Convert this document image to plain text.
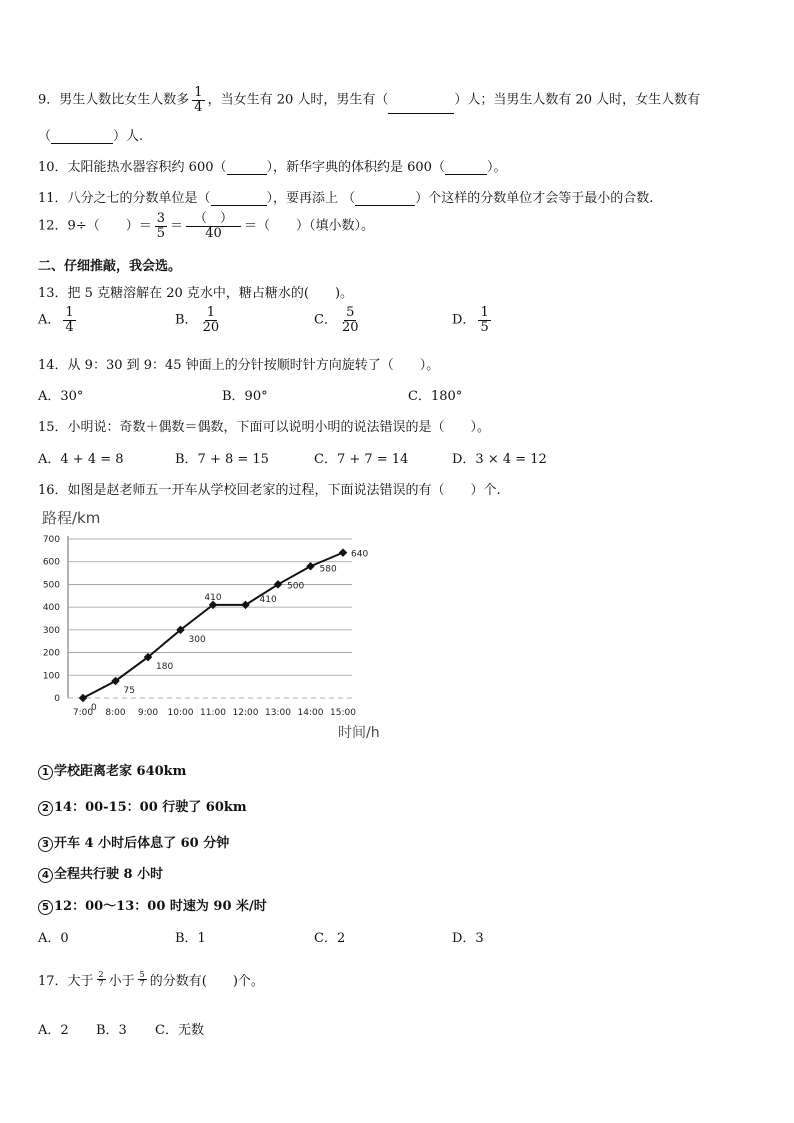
9．男生人数比女生人数多 $\frac{1}{4}$ ，当女生有 20 人时，男生有（	）人；当男生人数有 20 人时，女生人数有
（	）人.
10．太阳能热水器容积约 600（	），新华字典的体积约是 600（	）。
11．八分之七的分数单位是（	），要再添上 （	）个这样的分数单位才会等于最小的合数.
12．9÷（　　）＝ $\frac{3}{5} = \frac{( )}{40}$ ＝（　　）（填小数）。
二、仔细推敲，我会选。
13．把 5 克糖溶解在 20 克水中，糖占糖水的(　　)。
A． $\frac{1}{4}$	B． $\frac{1}{20}$	C． $\frac{5}{20}$	D． $\frac{1}{5}$
14．从 9：30 到 9：45 钟面上的分针按顺时针方向旋转了（　　）。
A．30°	B．90°	C．180°
15．小明说：奇数＋偶数＝偶数，下面可以说明小明的说法错误的是（　　）。
A．4 + 4 = 8	B．7 + 8 = 15	C．7 + 7 = 14	D．3 × 4 = 12
16．如图是赵老师五一开车从学校回老家的过程，下面说法错误的有（　　）个.
路程/km
时间/h
0
100
200
300
400
500
600
700
7:00 8:00 9:00 10:00 11:00 12:00 13:00 14:00 15:00
0
75
180
300
410	410
500
580
640
1 学校距离老家 640km
2 14：00-15：00 行驶了 60km
3 开车 4 小时后体息了 60 分钟
4 全程共行驶 8 小时
5 12：00～13：00 时速为 90 米/时
A．0	B．1	C．2	D．3
17．大于 $\frac{2}{7}$ 小于 $\frac{5}{7}$ 的分数有(　　)个。
A．2 B．3 C．无数
